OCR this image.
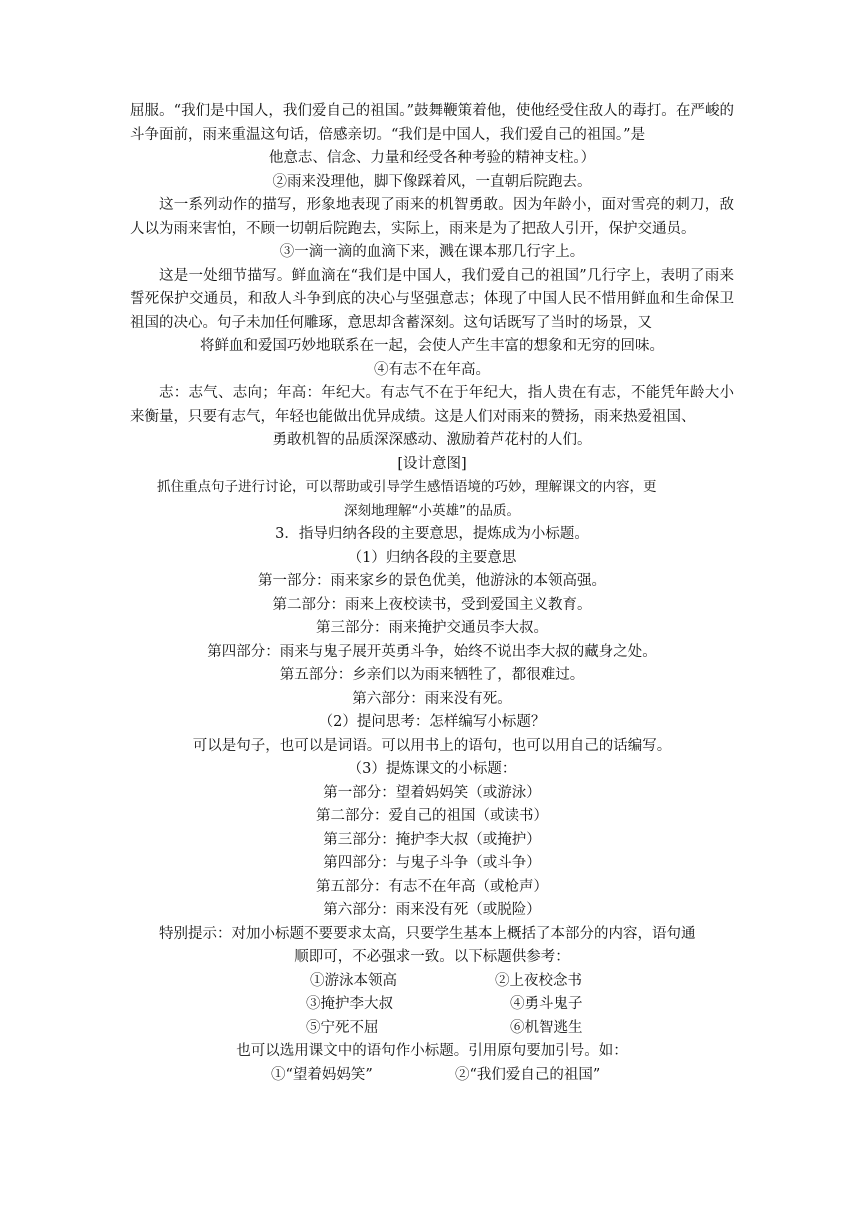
屈服。“我们是中国人，我们爱自己的祖国。”鼓舞鞭策着他，使他经受住敌人的毒打。在严峻的斗争面前，雨来重温这句话，倍感亲切。“我们是中国人，我们爱自己的祖国。”是

他意志、信念、力量和经受各种考验的精神支柱。）

②雨来没理他，脚下像踩着风，一直朝后院跑去。

这一系列动作的描写，形象地表现了雨来的机智勇敢。因为年龄小，面对雪亮的刺刀，敌人以为雨来害怕，不顾一切朝后院跑去，实际上，雨来是为了把敌人引开，保护交通员。

③一滴一滴的血滴下来，溅在课本那几行字上。

这是一处细节描写。鲜血滴在“我们是中国人，我们爱自己的祖国”几行字上，表明了雨来誓死保护交通员，和敌人斗争到底的决心与坚强意志；体现了中国人民不惜用鲜血和生命保卫祖国的决心。句子未加任何雕琢，意思却含蓄深刻。这句话既写了当时的场景，又

将鲜血和爱国巧妙地联系在一起，会使人产生丰富的想象和无穷的回味。

④有志不在年高。

志：志气、志向；年高：年纪大。有志气不在于年纪大，指人贵在有志，不能凭年龄大小来衡量，只要有志气，年轻也能做出优异成绩。这是人们对雨来的赞扬，雨来热爱祖国、

勇敢机智的品质深深感动、激励着芦花村的人们。

[设计意图]

抓住重点句子进行讨论，可以帮助或引导学生感悟语境的巧妙，理解课文的内容，更

深刻地理解“小英雄”的品质。

3．指导归纳各段的主要意思，提炼成为小标题。

（1）归纳各段的主要意思

第一部分：雨来家乡的景色优美，他游泳的本领高强。

第二部分：雨来上夜校读书，受到爱国主义教育。

第三部分：雨来掩护交通员李大叔。

第四部分：雨来与鬼子展开英勇斗争，始终不说出李大叔的藏身之处。

第五部分：乡亲们以为雨来牺牲了，都很难过。

第六部分：雨来没有死。

（2）提问思考：怎样编写小标题？

可以是句子，也可以是词语。可以用书上的语句，也可以用自己的话编写。

（3）提炼课文的小标题：

第一部分：望着妈妈笑（或游泳）

第二部分：爱自己的祖国（或读书）

第三部分：掩护李大叔（或掩护）

第四部分：与鬼子斗争（或斗争）

第五部分：有志不在年高（或枪声）

第六部分：雨来没有死（或脱险）

特别提示：对加小标题不要要求太高，只要学生基本上概括了本部分的内容，语句通

顺即可，不必强求一致。以下标题供参考：

①游泳本领高	②上夜校念书
③掩护李大叔	④勇斗鬼子
⑤宁死不屈	⑥机智逃生

也可以选用课文中的语句作小标题。引用原句要加引号。如：

①“望着妈妈笑”	②“我们爱自己的祖国”
